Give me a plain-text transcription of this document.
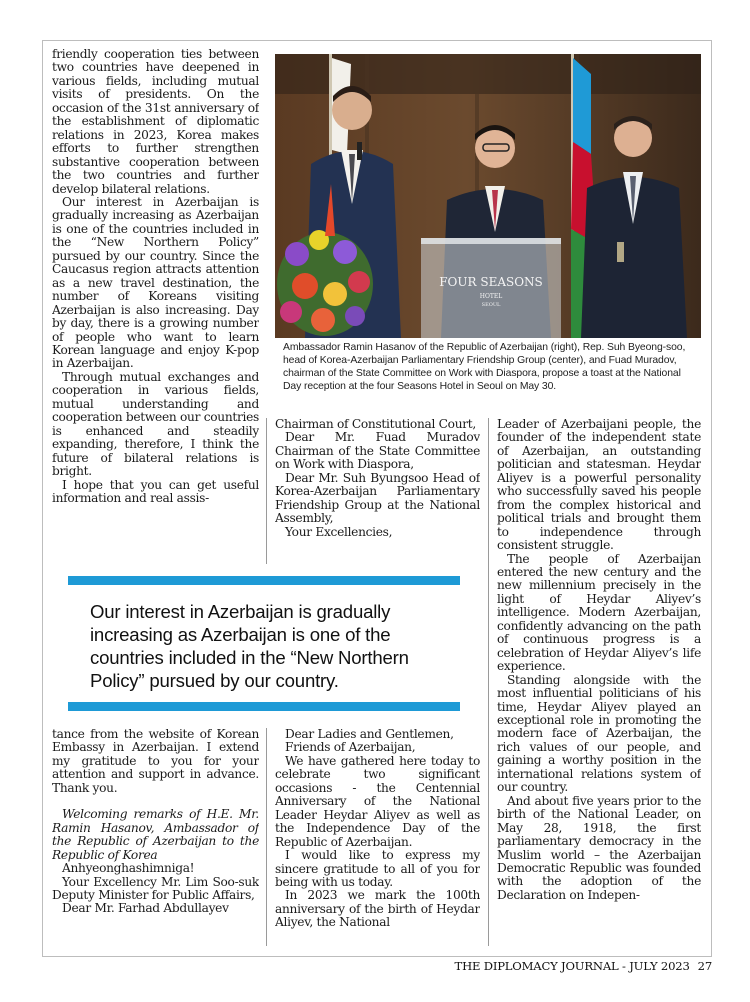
friendly cooperation ties between two countries have deepened in various fields, including mutual visits of presidents. On the occasion of the 31st anniversary of the establishment of diplomatic relations in 2023, Korea makes efforts to further strengthen substantive cooperation between the two countries and further develop bilateral relations.

Our interest in Azerbaijan is gradually increasing as Azerbaijan is one of the countries included in the “New Northern Policy” pursued by our country. Since the Caucasus region attracts attention as a new travel destination, the number of Koreans visiting Azerbaijan is also increasing. Day by day, there is a growing number of people who want to learn Korean language and enjoy K-pop in Azerbaijan.

Through mutual exchanges and cooperation in various fields, mutual understanding and cooperation between our countries is enhanced and steadily expanding, therefore, I think the future of bilateral relations is bright.

I hope that you can get useful information and real assis-

Chairman of Constitutional Court,

Dear Mr. Fuad Muradov Chairman of the State Committee on Work with Diaspora,

Dear Mr. Suh Byungsoo Head of Korea-Azerbaijan Parliamentary Friendship Group at the National Assembly,

Your Excellencies,

Leader of Azerbaijani people, the founder of the independent state of Azerbaijan, an outstanding politician and statesman. Heydar Aliyev is a powerful personality who successfully saved his people from the complex historical and political trials and brought them to independence through consistent struggle.

The people of Azerbaijan entered the new century and the new millennium precisely in the light of Heydar Aliyev’s intelligence. Modern Azerbaijan, confidently advancing on the path of continuous progress is a celebration of Heydar Aliyev’s life experience.

Standing alongside with the most influential politicians of his time, Heydar Aliyev played an exceptional role in promoting the modern face of Azerbaijan, the rich values of our people, and gaining a worthy position in the international relations system of our country.

And about five years prior to the birth of the National Leader, on May 28, 1918, the first parliamentary democracy in the Muslim world – the Azerbaijan Democratic Republic was founded with the adoption of the Declaration on Indepen-

FOUR SEASONS
HOTEL
SEOUL
Ambassador Ramin Hasanov of the Republic of Azerbaijan (right), Rep. Suh Byeong-soo, head of Korea-Azerbaijan Parliamentary Friendship Group (center), and Fuad Muradov, chairman of the State Committee on Work with Diaspora, propose a toast at the National Day reception at the four Seasons Hotel in Seoul on May 30.
Our interest in Azerbaijan is gradually increasing as Azerbaijan is one of the countries included in the “New Northern Policy” pursued by our country.

tance from the website of Korean Embassy in Azerbaijan. I extend my gratitude to you for your attention and support in advance. Thank you.

Welcoming remarks of H.E. Mr. Ramin Hasanov, Ambassador of the Republic of Azerbaijan to the Republic of Korea

Anhyeonghashimniga!

Your Excellency Mr. Lim Soo-suk Deputy Minister for Public Affairs,

Dear Mr. Farhad Abdullayev

Dear Ladies and Gentlemen,

Friends of Azerbaijan,

We have gathered here today to celebrate two significant occasions - the Centennial Anniversary of the National Leader Heydar Aliyev as well as the Independence Day of the Republic of Azerbaijan.

I would like to express my sincere gratitude to all of you for being with us today.

In 2023 we mark the 100th anniversary of the birth of Heydar Aliyev, the National

THE DIPLOMACY JOURNAL - JULY 2023 27
